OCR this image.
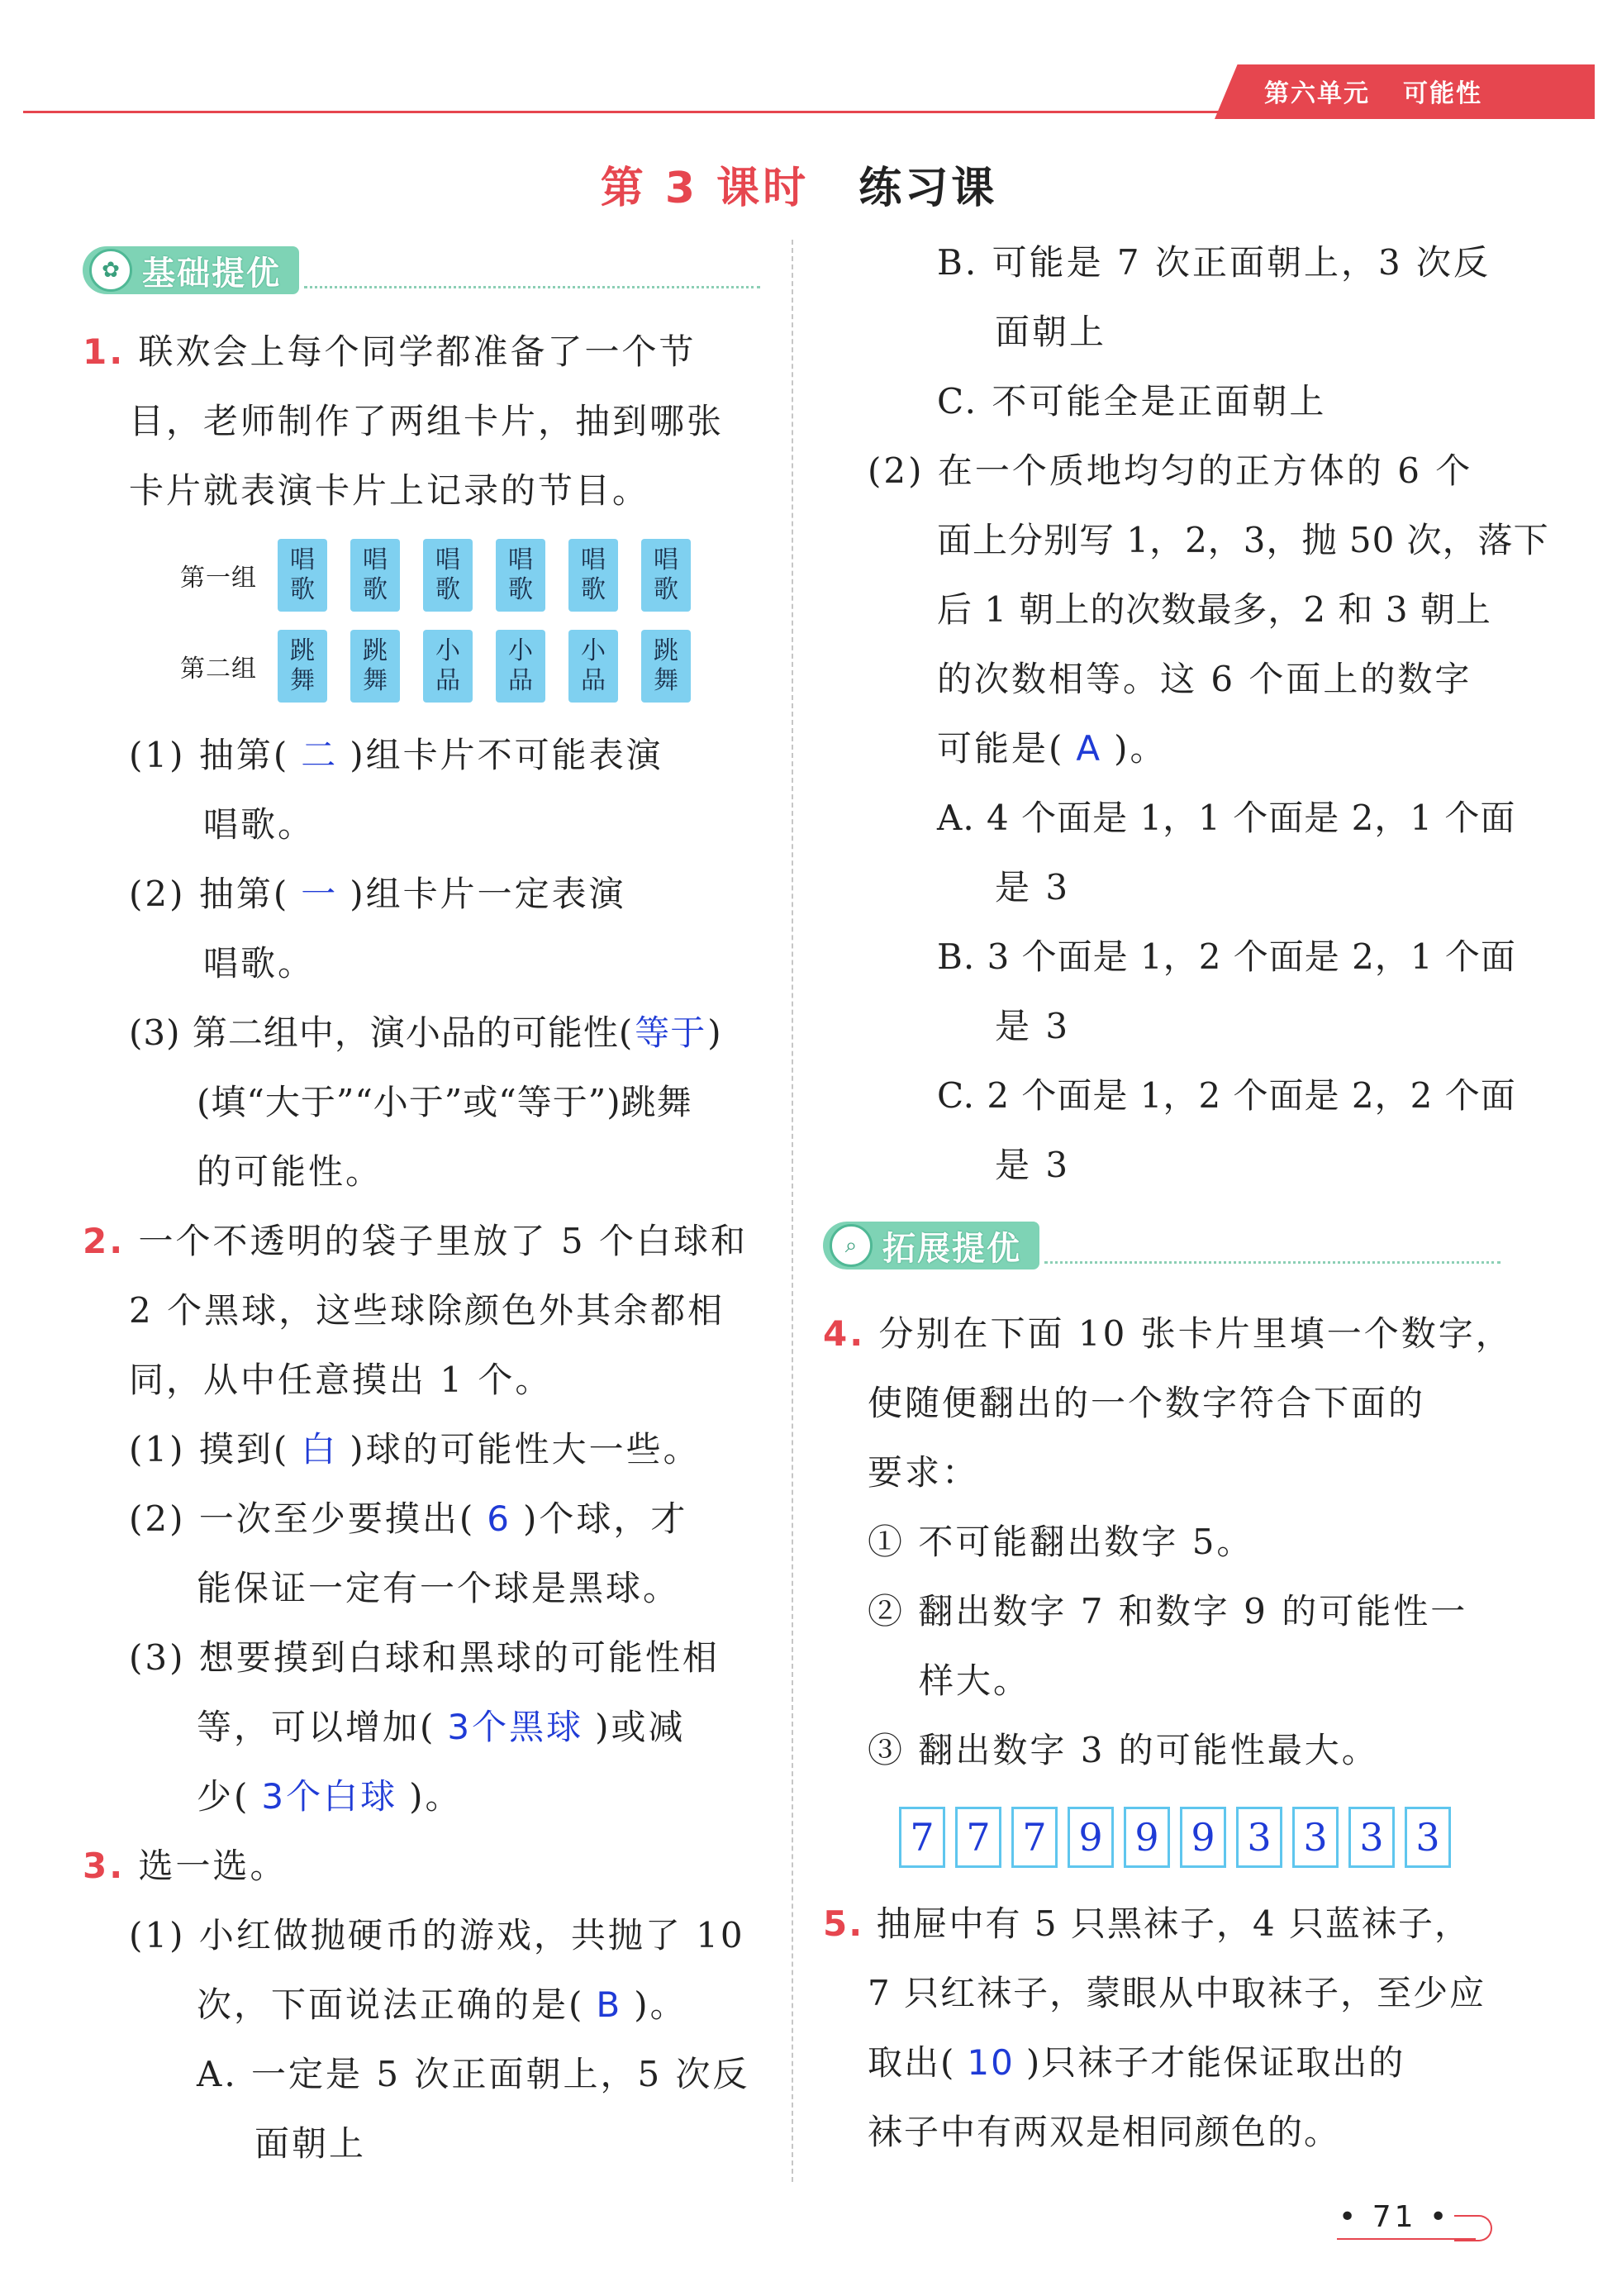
第六单元 可能性
第 3 课时 练习课
✿ 基础提优
1. 联欢会上每个同学都准备了一个节
目，老师制作了两组卡片，抽到哪张
卡片就表演卡片上记录的节目。
第一组
唱
歌
唱
歌
唱
歌
唱
歌
唱
歌
唱
歌
第二组
跳
舞
跳
舞
小
品
小
品
小
品
跳
舞
(1) 抽第( 二 )组卡片不可能表演
唱歌。
(2) 抽第( 一 )组卡片一定表演
唱歌。
(3) 第二组中，演小品的可能性(等于)
(填“大于”“小于”或“等于”)跳舞
的可能性。
2. 一个不透明的袋子里放了 5 个白球和
2 个黑球，这些球除颜色外其余都相
同，从中任意摸出 1 个。
(1) 摸到( 白 )球的可能性大一些。
(2) 一次至少要摸出( 6 )个球，才
能保证一定有一个球是黑球。
(3) 想要摸到白球和黑球的可能性相
等，可以增加( 3个黑球 )或减
少( 3个白球 )。
3. 选一选。
(1) 小红做抛硬币的游戏，共抛了 10
次，下面说法正确的是( B )。
A. 一定是 5 次正面朝上，5 次反
面朝上
B. 可能是 7 次正面朝上，3 次反
面朝上
C. 不可能全是正面朝上
(2) 在一个质地均匀的正方体的 6 个
面上分别写 1，2，3，抛 50 次，落下
后 1 朝上的次数最多，2 和 3 朝上
的次数相等。这 6 个面上的数字
可能是( A )。
A. 4 个面是 1，1 个面是 2，1 个面
是 3
B. 3 个面是 1，2 个面是 2，1 个面
是 3
C. 2 个面是 1，2 个面是 2，2 个面
是 3
⌕ 拓展提优
4. 分别在下面 10 张卡片里填一个数字，
使随便翻出的一个数字符合下面的
要求：
① 不可能翻出数字 5。
② 翻出数字 7 和数字 9 的可能性一
样大。
③ 翻出数字 3 的可能性最大。
7 7 7 9 9 9 3 3 3 3
5. 抽屉中有 5 只黑袜子，4 只蓝袜子，
7 只红袜子，蒙眼从中取袜子，至少应
取出( 10 )只袜子才能保证取出的
袜子中有两双是相同颜色的。
• 71 •
